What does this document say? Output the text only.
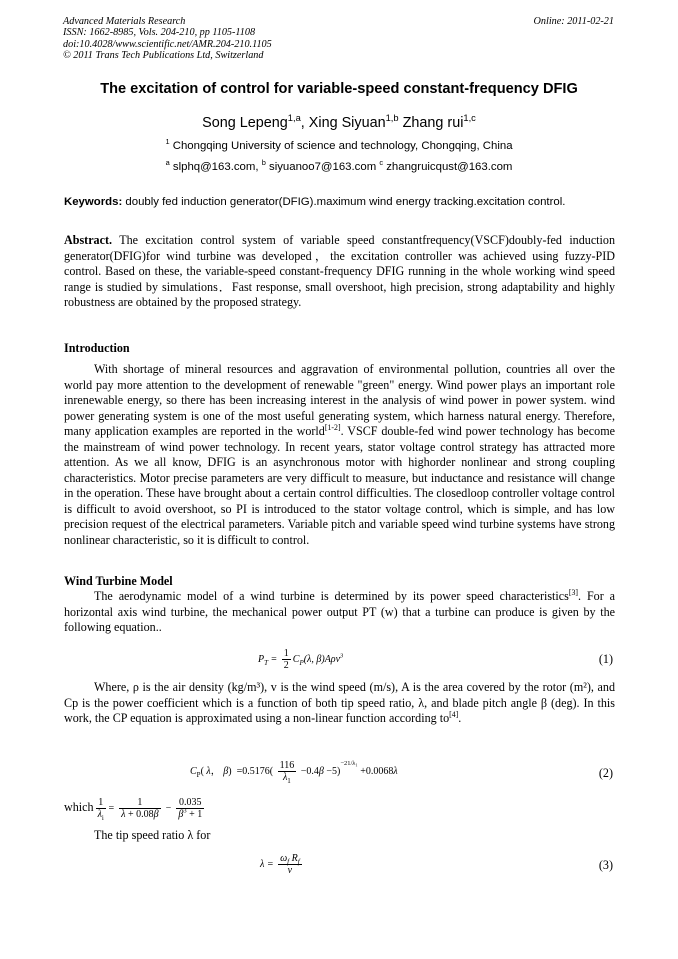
Advanced Materials Research
ISSN: 1662-8985, Vols. 204-210, pp 1105-1108
doi:10.4028/www.scientific.net/AMR.204-210.1105
© 2011 Trans Tech Publications Ltd, Switzerland
Online: 2011-02-21
The excitation of control for variable-speed constant-frequency DFIG
Song Lepeng$^{1,a}$, Xing Siyuan$^{1,b}$ Zhang rui$^{1,c}$
$^1$ Chongqing University of science and technology, Chongqing, China
$^a$ slphq@163.com, $^b$ siyuanoo7@163.com $^c$ zhangruicqust@163.com
Keywords: doubly fed induction generator(DFIG).maximum wind energy tracking.excitation control.
Abstract. The excitation control system of variable speed constantfrequency(VSCF)doubly-fed induction generator(DFIG)for wind turbine was developed，the excitation controller was achieved using fuzzy-PID control. Based on these, the variable-speed constant-frequency DFIG running in the whole working wind speed range is studied by simulations．Fast response, small overshoot, high precision, strong adaptability and highly robustness are obtained by the proposed strategy.
Introduction
With shortage of mineral resources and aggravation of environmental pollution, countries all over the world pay more attention to the development of renewable "green" energy. Wind power plays an important role inrenewable energy, so there has been increasing interest in the analysis of wind power in power system. wind power generating system is one of the most useful generating system, which harness natural energy. Therefore, many application examples are reported in the world[1-2]. VSCF double-fed wind power technology has become the mainstream of wind power technology. In recent years, stator voltage control strategy has attracted more attention. As we all know, DFIG is an asynchronous motor with highorder nonlinear and strong coupling characteristics. Motor precise parameters are very difficult to measure, but inductance and resistance will change in the operation. These have brought about a certain control difficulties. The closedloop controller voltage control is difficult to avoid overshoot, so PI is introduced to the stator voltage control, which is simple, and has low precision request of the electrical parameters. Variable pitch and variable speed wind turbine systems have strong nonlinear characteristic, so it is difficult to control.
Wind Turbine Model
The aerodynamic model of a wind turbine is determined by its power speed characteristics[3]. For a horizontal axis wind turbine, the mechanical power output PT (w) that a turbine can produce is given by the following equation..
$P_T = \frac{1}{2} C_P(\lambda$, β)Aρv$^3$	(1)
Where, ρ is the air density (kg/m³), v is the wind speed (m/s), A is the area covered by the rotor (m²), and Cp is the power coefficient which is a function of both tip speed ratio, λ, and blade pitch angle β (deg). In this work, the CP equation is approximated using a non-linear function according to[4].
$C_P$( λ， $\beta) =0.5176( \frac{116}{\lambda_1} -0.4\beta -5)^{-21/\lambda_1} +0.0068\lambda$	(2)
which $\frac{1}{\lambda_i} = \frac{1}{\lambda + 0.08\beta} - \frac{0.035}{\beta^3 + 1}$
The tip speed ratio λ for
$\lambda = \frac{\omega_f R_f}{v}$	(3)
